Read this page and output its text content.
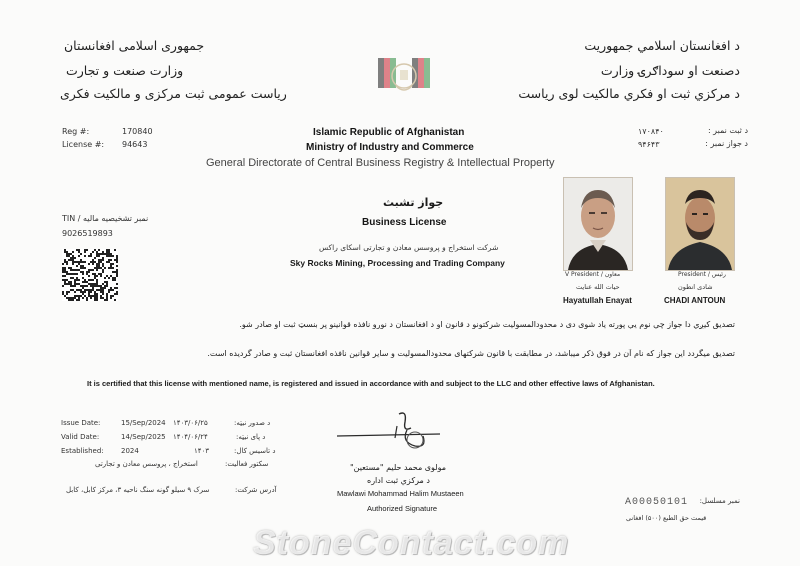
جمهوری اسلامی افغانستان
وزارت صنعت و تجارت
ریاست عمومی ثبت مرکزی و مالکیت فکری
د افغانستان اسلامي جمهوریت
دصنعت او سوداګرۍ وزارت
د مرکزي ثبت او فکري مالکیت لوی ریاست
Reg #:	170840
License #: 94643
د ثبت نمبر :
۱۷۰۸۴۰
د جواز نمبر :
۹۴۶۴۳
Islamic Republic of Afghanistan
Ministry of Industry and Commerce
General Directorate of Central Business Registry & Intellectual Property
جواز تشبث
Business License
شرکت استخراج و پروسس معادن و تجارتی اسکای راکس
Sky Rocks Mining, Processing and Trading Company
نمبر تشخیصیه مالیه / TIN
9026519893
V President / معاون	President / رئیس
حیات الله عنایت	شادی انطون
Hayatullah Enayat	CHADI ANTOUN
تصدیق کیږي دا جواز چې نوم یې پورته یاد شوی دی د محدودالمسولیت شرکتونو د قانون او د افغانستان د نورو نافذه قوانینو پر بنسټ ثبت او صادر شو.
تصدیق میگردد این جواز که نام آن در فوق ذکر میباشد، در مطابقت با قانون شرکتهای محدودالمسولیت و سایر قوانین نافذه افغانستان ثبت و صادر گردیده است.
It is certified that this license with mentioned name, is registered and issued in accordance with and subject to the LLC and other effective laws of Afghanistan.
Issue Date:	15/Sep/2024 ۱۴۰۳/۰۶/۲۵	د صدور نیټه:
Valid Date:	14/Sep/2025 ۱۴۰۴/۰۶/۲۴	د پای نیټه:
Established: 2024	۱۴۰۳	د تاسیس کال:
سکتور فعالیت:
استخراج ، پروسس معادن و تجارتی
آدرس شرکت:
سرک ۹ سیلو گونه سنگ ناحیه ۳، مرکز کابل، کابل
مولوی محمد حلیم "مستعین"
د مرکزي ثبت اداره
Mawlawi Mohammad Halim Mustaeen
Authorized Signature
نمبر مسلسل:
A00050101
قیمت حق الطبع (۵۰۰) افغانی
StoneContact.com
